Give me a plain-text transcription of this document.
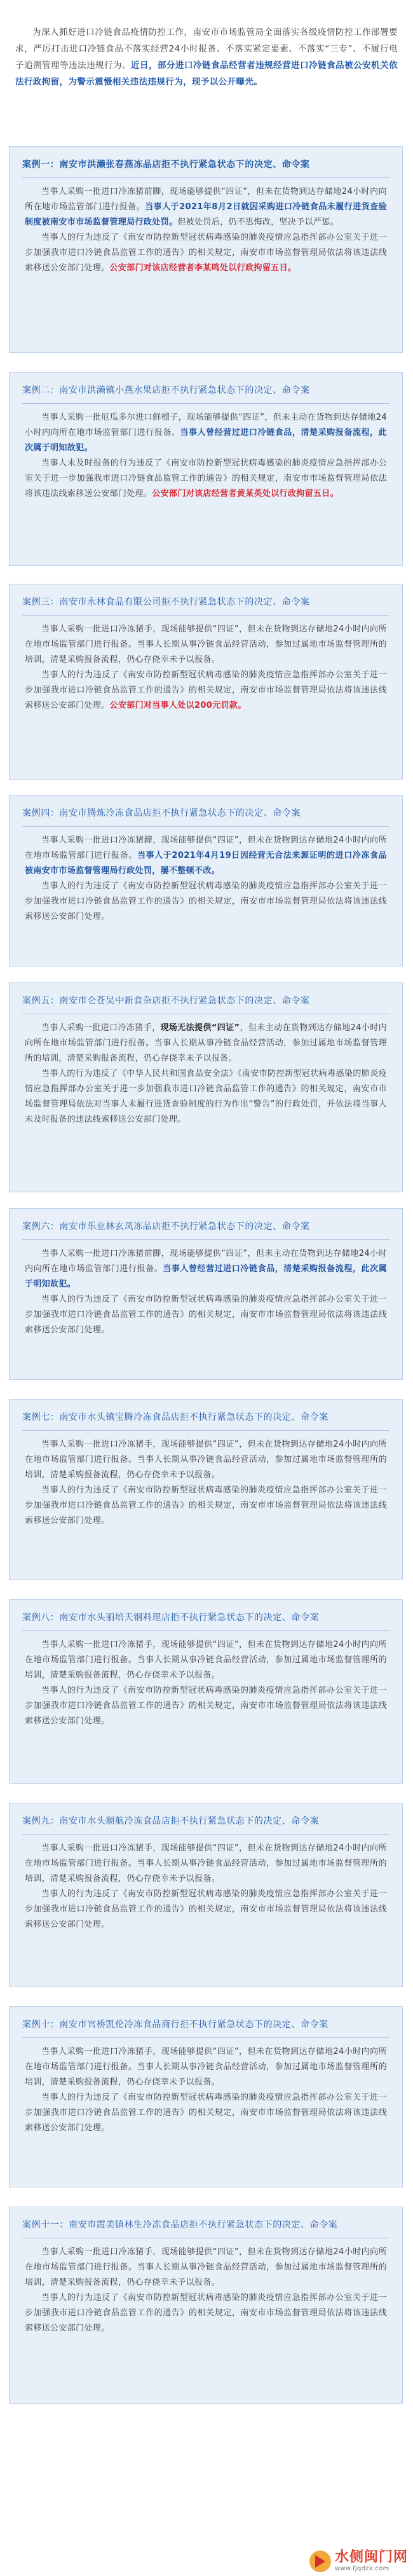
为深入抓好进口冷链食品疫情防控工作，南安市市场监管局全面落实各级疫情防控工作部署要求，严厉打击进口冷链食品不落实经营24小时报备、不落实紧定要素、不落实“三专”、不履行电子追溯管理等违法违规行为。近日，部分进口冷链食品经营者违规经营进口冷链食品被公安机关依法行政拘留，为警示震慑相关违法违规行为，现予以公开曝光。
案例一：南安市洪濑张春燕冻品店拒不执行紧急状态下的决定、命令案

当事人采购一批进口冷冻猪前脚，现场能够提供“四证”，但未在货物到达存储地24小时内向所在地市场监管部门进行报备。当事人于2021年8月2日就因采购进口冷链食品未履行进货查验制度被南安市市场监督管理局行政处罚。但被处罚后，仍不思悔改，坚决予以严惩。

当事人的行为违反了《南安市防控新型冠状病毒感染的肺炎疫情应急指挥部办公室关于进一步加强我市进口冷链食品监管工作的通告》的相关规定，南安市市场监督管理局依法将该违法线索移送公安部门处理。公安部门对该店经营者李某鸣处以行政拘留五日。

案例二：南安市洪濑镇小燕水果店拒不执行紧急状态下的决定、命令案

当事人采购一批厄瓜多尔进口鲜榴子，现场能够提供“四证”，但未主动在货物到达存储地24小时内向所在地市场监管部门进行报备。当事人曾经营过进口冷链食品，清楚采购报备流程，此次属于明知故犯。

当事人未及时报备的行为违反了《南安市防控新型冠状病毒感染的肺炎疫情应急指挥部办公室关于进一步加强我市进口冷链食品监管工作的通告》的相关规定，南安市市场监督管理局依法将该违法线索移送公安部门处理。公安部门对该店经营者黄某英处以行政拘留五日。

案例三：南安市永林食品有限公司拒不执行紧急状态下的决定、命令案

当事人采购一批进口冷冻猪手，现场能够提供“四证”，但未在货物到达存储地24小时内向所在地市场监管部门进行报备。当事人长期从事冷链食品经营活动，参加过属地市场监督管理所的培训，清楚采购报备流程，仍心存侥幸未予以报备。

当事人的行为违反了《南安市防控新型冠状病毒感染的肺炎疫情应急指挥部办公室关于进一步加强我市进口冷链食品监管工作的通告》的相关规定，南安市市场监督管理局依法将该违法线索移送公安部门处理。公安部门对当事人处以200元罚款。

案例四：南安市腾炼冷冻食品店拒不执行紧急状态下的决定、命令案

当事人采购一批进口冷冻猪蹄，现场能够提供“四证”，但未在货物到达存储地24小时内向所在地市场监管部门进行报备。当事人于2021年4月19日因经营无合法来源证明的进口冷冻食品被南安市市场监督管理局行政处罚，屡不整顿不改。

当事人的行为违反了《南安市防控新型冠状病毒感染的肺炎疫情应急指挥部办公室关于进一步加强我市进口冷链食品监管工作的通告》的相关规定，南安市市场监督管理局依法将该违法线索移送公安部门处理。

案例五：南安市仑苍吴中新食杂店拒不执行紧急状态下的决定、命令案

当事人采购一批进口冷冻猪手，现场无法提供“四证”，但未主动在货物到达存储地24小时内向所在地市场监管部门进行报备。当事人长期从事冷链食品经营活动，参加过属地市场监督管理所的培训，清楚采购报备流程，仍心存侥幸未予以报备。

当事人的行为违反了《中华人民共和国食品安全法》《南安市防控新型冠状病毒感染的肺炎疫情应急指挥部办公室关于进一步加强我市进口冷链食品监管工作的通告》的相关规定，南安市市场监督管理局依法对当事人未履行进货查验制度的行为作出“警告”的行政处罚，并依法将当事人未及时报备的违法线索移送公安部门处理。

案例六：南安市乐业林玄凤冻品店拒不执行紧急状态下的决定、命令案

当事人采购一批进口冷冻猪前脚，现场能够提供“四证”，但未主动在货物到达存储地24小时内向所在地市场监管部门进行报备。当事人曾经营过进口冷链食品，清楚采购报备流程，此次属于明知故犯。

当事人的行为违反了《南安市防控新型冠状病毒感染的肺炎疫情应急指挥部办公室关于进一步加强我市进口冷链食品监管工作的通告》的相关规定，南安市市场监督管理局依法将该违法线索移送公安部门处理。

案例七：南安市水头镇宝腾冷冻食品店拒不执行紧急状态下的决定、命令案

当事人采购一批进口冷冻猪手，现场能够提供“四证”，但未在货物到达存储地24小时内向所在地市场监管部门进行报备。当事人长期从事冷链食品经营活动，参加过属地市场监督管理所的培训，清楚采购报备流程，仍心存侥幸未予以报备。

当事人的行为违反了《南安市防控新型冠状病毒感染的肺炎疫情应急指挥部办公室关于进一步加强我市进口冷链食品监管工作的通告》的相关规定，南安市市场监督管理局依法将该违法线索移送公安部门处理。

案例八：南安市水头丽培天钢料理店拒不执行紧急状态下的决定、命令案

当事人采购一批进口冷冻猪手，现场能够提供“四证”，但未在货物到达存储地24小时内向所在地市场监管部门进行报备。当事人长期从事冷链食品经营活动，参加过属地市场监督管理所的培训，清楚采购报备流程，仍心存侥幸未予以报备。

当事人的行为违反了《南安市防控新型冠状病毒感染的肺炎疫情应急指挥部办公室关于进一步加强我市进口冷链食品监管工作的通告》的相关规定，南安市市场监督管理局依法将该违法线索移送公安部门处理。

案例九：南安市水头顺航冷冻食品店拒不执行紧急状态下的决定、命令案

当事人采购一批进口冷冻猪手，现场能够提供“四证”，但未在货物到达存储地24小时内向所在地市场监管部门进行报备。当事人长期从事冷链食品经营活动，参加过属地市场监督管理所的培训，清楚采购报备流程，仍心存侥幸未予以报备。

当事人的行为违反了《南安市防控新型冠状病毒感染的肺炎疫情应急指挥部办公室关于进一步加强我市进口冷链食品监管工作的通告》的相关规定，南安市市场监督管理局依法将该违法线索移送公安部门处理。

案例十：南安市官桥凯伦冷冻食品商行拒不执行紧急状态下的决定、命令案

当事人采购一批进口冷冻猪手，现场能够提供“四证”，但未在货物到达存储地24小时内向所在地市场监管部门进行报备。当事人长期从事冷链食品经营活动，参加过属地市场监督管理所的培训，清楚采购报备流程，仍心存侥幸未予以报备。

当事人的行为违反了《南安市防控新型冠状病毒感染的肺炎疫情应急指挥部办公室关于进一步加强我市进口冷链食品监管工作的通告》的相关规定，南安市市场监督管理局依法将该违法线索移送公安部门处理。

案例十一：南安市霞美镇林生冷冻食品店拒不执行紧急状态下的决定、命令案

当事人采购一批进口冷冻猪手，现场能够提供“四证”，但未在货物到达存储地24小时内向所在地市场监管部门进行报备。当事人长期从事冷链食品经营活动，参加过属地市场监督管理所的培训，清楚采购报备流程，仍心存侥幸未予以报备。

当事人的行为违反了《南安市防控新型冠状病毒感染的肺炎疫情应急指挥部办公室关于进一步加强我市进口冷链食品监管工作的通告》的相关规定，南安市市场监督管理局依法将该违法线索移送公安部门处理。

水侧闽门网
www.fjqdzx.com
